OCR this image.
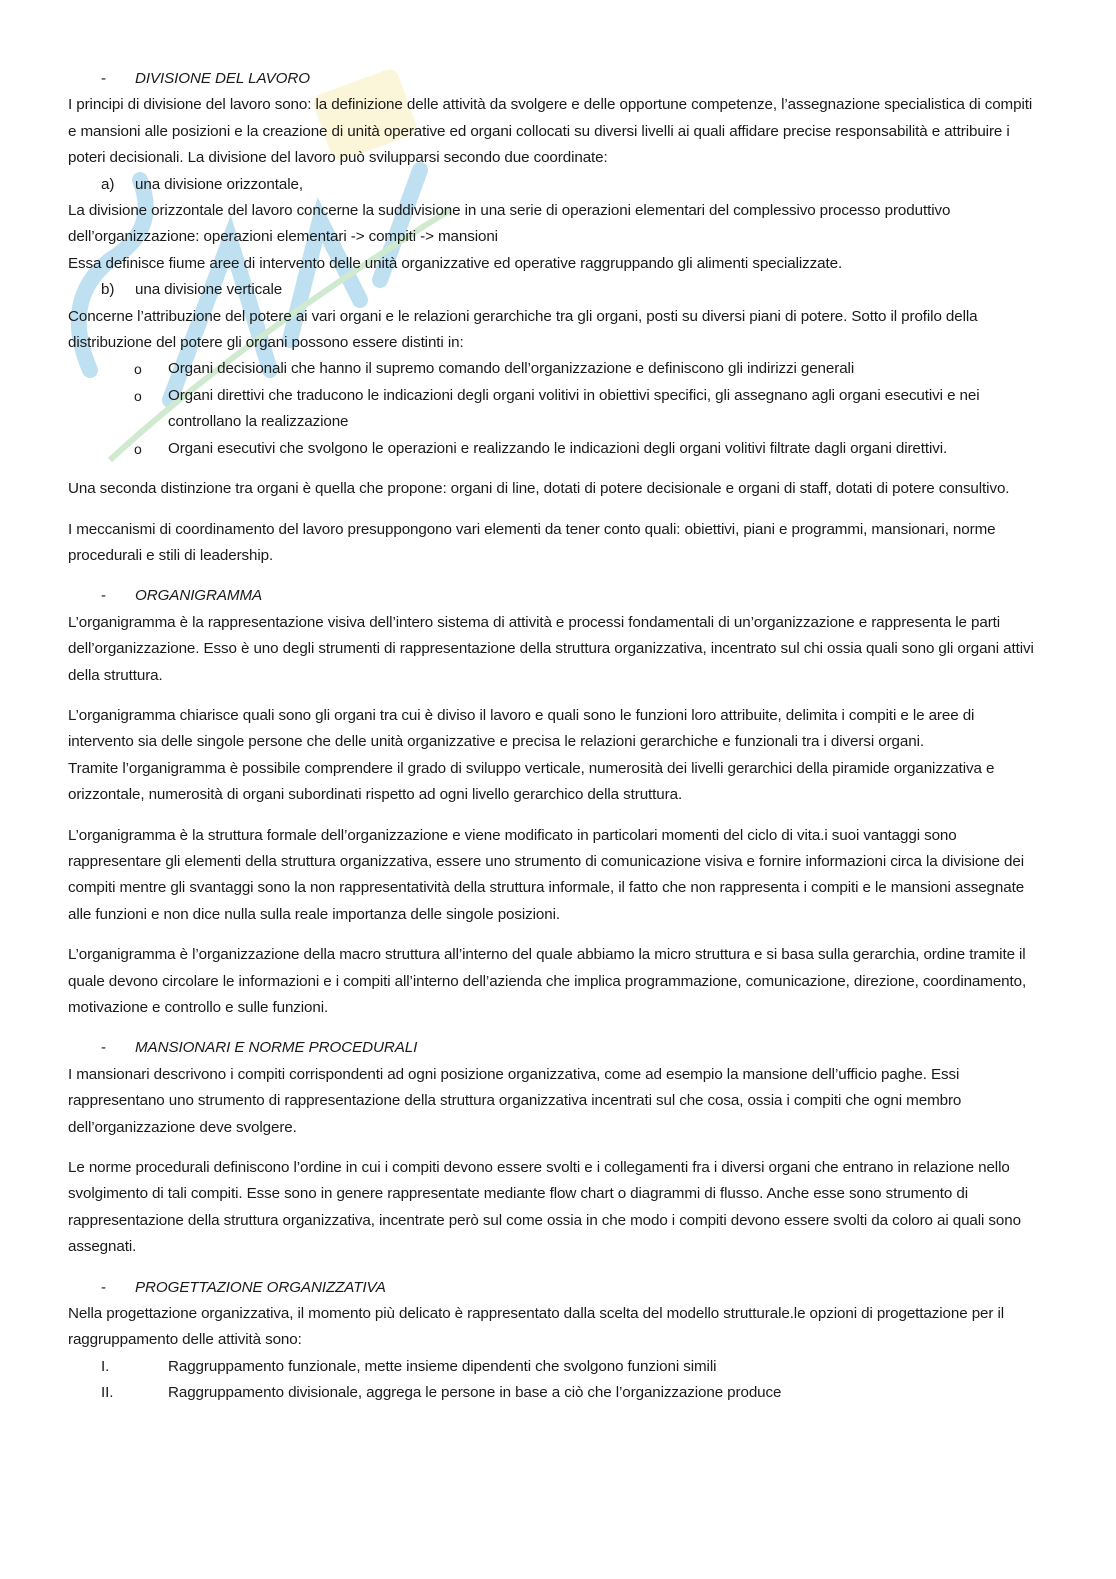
- DIVISIONE DEL LAVORO

I principi di divisione del lavoro sono: la definizione delle attività da svolgere e delle opportune competenze, l’assegnazione specialistica di compiti e mansioni alle posizioni e la creazione di unità operative ed organi collocati su diversi livelli ai quali affidare precise responsabilità e attribuire i poteri decisionali. La divisione del lavoro può svilupparsi secondo due coordinate:

a) una divisione orizzontale,

La divisione orizzontale del lavoro concerne la suddivisione in una serie di operazioni elementari del complessivo processo produttivo dell’organizzazione: operazioni elementari -> compiti -> mansioni

Essa definisce fiume aree di intervento delle unità organizzative ed operative raggruppando gli alimenti specializzate.

b) una divisione verticale

Concerne l’attribuzione del potere ai vari organi e le relazioni gerarchiche tra gli organi, posti su diversi piani di potere. Sotto il profilo della distribuzione del potere gli organi possono essere distinti in:

o Organi decisionali che hanno il supremo comando dell’organizzazione e definiscono gli indirizzi generali
o Organi direttivi che traducono le indicazioni degli organi volitivi in obiettivi specifici, gli assegnano agli organi esecutivi e nei controllano la realizzazione
o Organi esecutivi che svolgono le operazioni e realizzando le indicazioni degli organi volitivi filtrate dagli organi direttivi.

Una seconda distinzione tra organi è quella che propone: organi di line, dotati di potere decisionale e organi di staff, dotati di potere consultivo.

I meccanismi di coordinamento del lavoro presuppongono vari elementi da tener conto quali: obiettivi, piani e programmi, mansionari, norme procedurali e stili di leadership.

- ORGANIGRAMMA

L’organigramma è la rappresentazione visiva dell’intero sistema di attività e processi fondamentali di un’organizzazione e rappresenta le parti dell’organizzazione. Esso è uno degli strumenti di rappresentazione della struttura organizzativa, incentrato sul chi ossia quali sono gli organi attivi della struttura.

L’organigramma chiarisce quali sono gli organi tra cui è diviso il lavoro e quali sono le funzioni loro attribuite, delimita i compiti e le aree di intervento sia delle singole persone che delle unità organizzative e precisa le relazioni gerarchiche e funzionali tra i diversi organi.

Tramite l’organigramma è possibile comprendere il grado di sviluppo verticale, numerosità dei livelli gerarchici della piramide organizzativa e orizzontale, numerosità di organi subordinati rispetto ad ogni livello gerarchico della struttura.

L’organigramma è la struttura formale dell’organizzazione e viene modificato in particolari momenti del ciclo di vita.i suoi vantaggi sono rappresentare gli elementi della struttura organizzativa, essere uno strumento di comunicazione visiva e fornire informazioni circa la divisione dei compiti mentre gli svantaggi sono la non rappresentatività della struttura informale, il fatto che non rappresenta i compiti e le mansioni assegnate alle funzioni e non dice nulla sulla reale importanza delle singole posizioni.

L’organigramma è l’organizzazione della macro struttura all’interno del quale abbiamo la micro struttura e si basa sulla gerarchia, ordine tramite il quale devono circolare le informazioni e i compiti all’interno dell’azienda che implica programmazione, comunicazione, direzione, coordinamento, motivazione e controllo e sulle funzioni.

- MANSIONARI E NORME PROCEDURALI

I mansionari descrivono i compiti corrispondenti ad ogni posizione organizzativa, come ad esempio la mansione dell’ufficio paghe. Essi rappresentano uno strumento di rappresentazione della struttura organizzativa incentrati sul che cosa, ossia i compiti che ogni membro dell’organizzazione deve svolgere.

Le norme procedurali definiscono l’ordine in cui i compiti devono essere svolti e i collegamenti fra i diversi organi che entrano in relazione nello svolgimento di tali compiti. Esse sono in genere rappresentate mediante flow chart o diagrammi di flusso. Anche esse sono strumento di rappresentazione della struttura organizzativa, incentrate però sul come ossia in che modo i compiti devono essere svolti da coloro ai quali sono assegnati.

- PROGETTAZIONE ORGANIZZATIVA

Nella progettazione organizzativa, il momento più delicato è rappresentato dalla scelta del modello strutturale.le opzioni di progettazione per il raggruppamento delle attività sono:

I.	Raggruppamento funzionale, mette insieme dipendenti che svolgono funzioni simili
II.	Raggruppamento divisionale, aggrega le persone in base a ciò che l’organizzazione produce
